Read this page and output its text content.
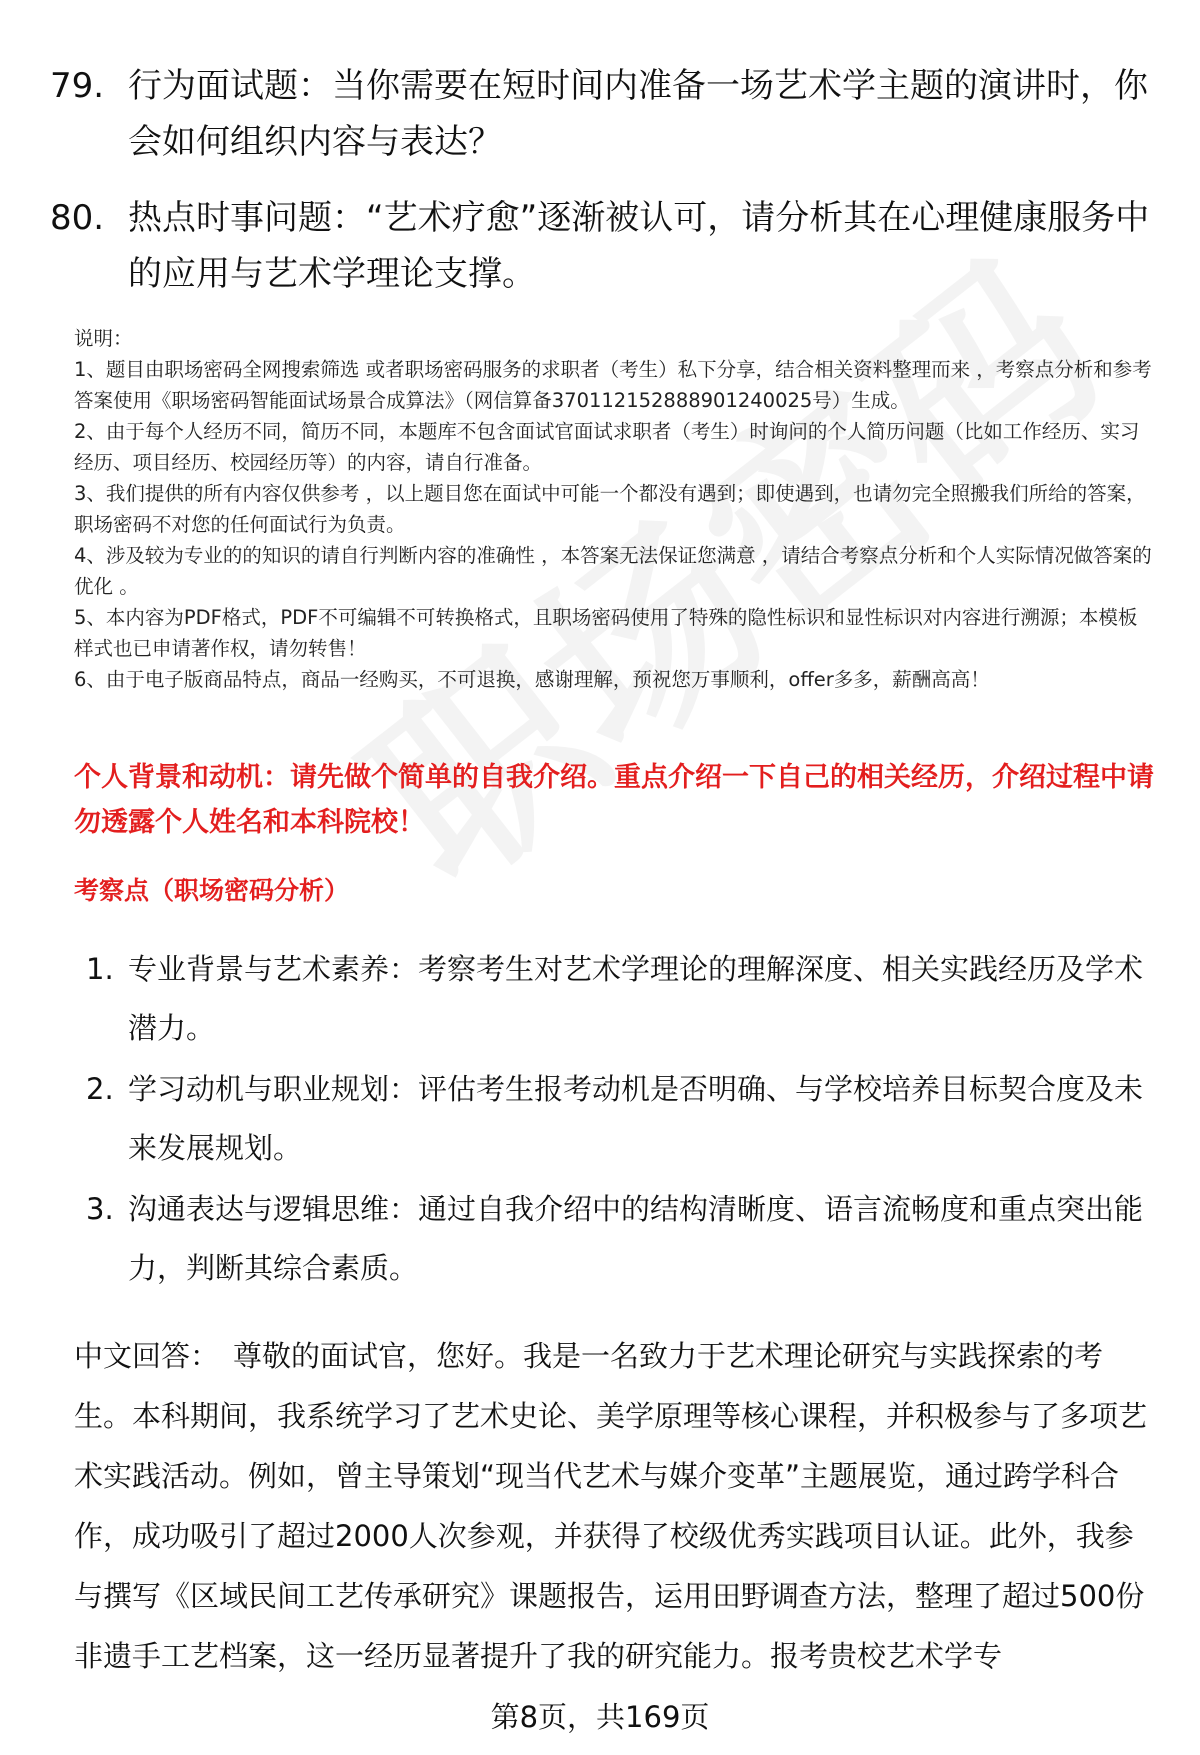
79. 行为面试题：当你需要在短时间内准备一场艺术学主题的演讲时，你会如何组织内容与表达？
80. 热点时事问题：“艺术疗愈”逐渐被认可，请分析其在心理健康服务中的应用与艺术学理论支撑。

说明：

1、题目由职场密码全网搜索筛选 或者职场密码服务的求职者（考生）私下分享，结合相关资料整理而来 ，考察点分析和参考答案使用《职场密码智能面试场景合成算法》（网信算备370112152888901240025号）生成。

2、由于每个人经历不同，简历不同，本题库不包含面试官面试求职者（考生）时询问的个人简历问题（比如工作经历、实习经历、项目经历、校园经历等）的内容，请自行准备。

3、我们提供的所有内容仅供参考 ，以上题目您在面试中可能一个都没有遇到；即使遇到，也请勿完全照搬我们所给的答案，职场密码不对您的任何面试行为负责。

4、涉及较为专业的的知识的请自行判断内容的准确性 ，本答案无法保证您满意 ，请结合考察点分析和个人实际情况做答案的优化 。

5、本内容为PDF格式，PDF不可编辑不可转换格式，且职场密码使用了特殊的隐性标识和显性标识对内容进行溯源；本模板样式也已申请著作权，请勿转售！

6、由于电子版商品特点，商品一经购买，不可退换，感谢理解，预祝您万事顺利，offer多多，薪酬高高！

个人背景和动机：请先做个简单的自我介绍。重点介绍一下自己的相关经历，介绍过程中请勿透露个人姓名和本科院校！
考察点（职场密码分析）
1. 专业背景与艺术素养：考察考生对艺术学理论的理解深度、相关实践经历及学术潜力。
2. 学习动机与职业规划：评估考生报考动机是否明确、与学校培养目标契合度及未来发展规划。
3. 沟通表达与逻辑思维：通过自我介绍中的结构清晰度、语言流畅度和重点突出能力，判断其综合素质。
中文回答： 尊敬的面试官，您好。我是一名致力于艺术理论研究与实践探索的考生。本科期间，我系统学习了艺术史论、美学原理等核心课程，并积极参与了多项艺术实践活动。例如，曾主导策划“现当代艺术与媒介变革”主题展览，通过跨学科合作，成功吸引了超过2000人次参观，并获得了校级优秀实践项目认证。此外，我参与撰写《区域民间工艺传承研究》课题报告，运用田野调查方法，整理了超过500份非遗手工艺档案，这一经历显著提升了我的研究能力。报考贵校艺术学专
第8页，共169页
